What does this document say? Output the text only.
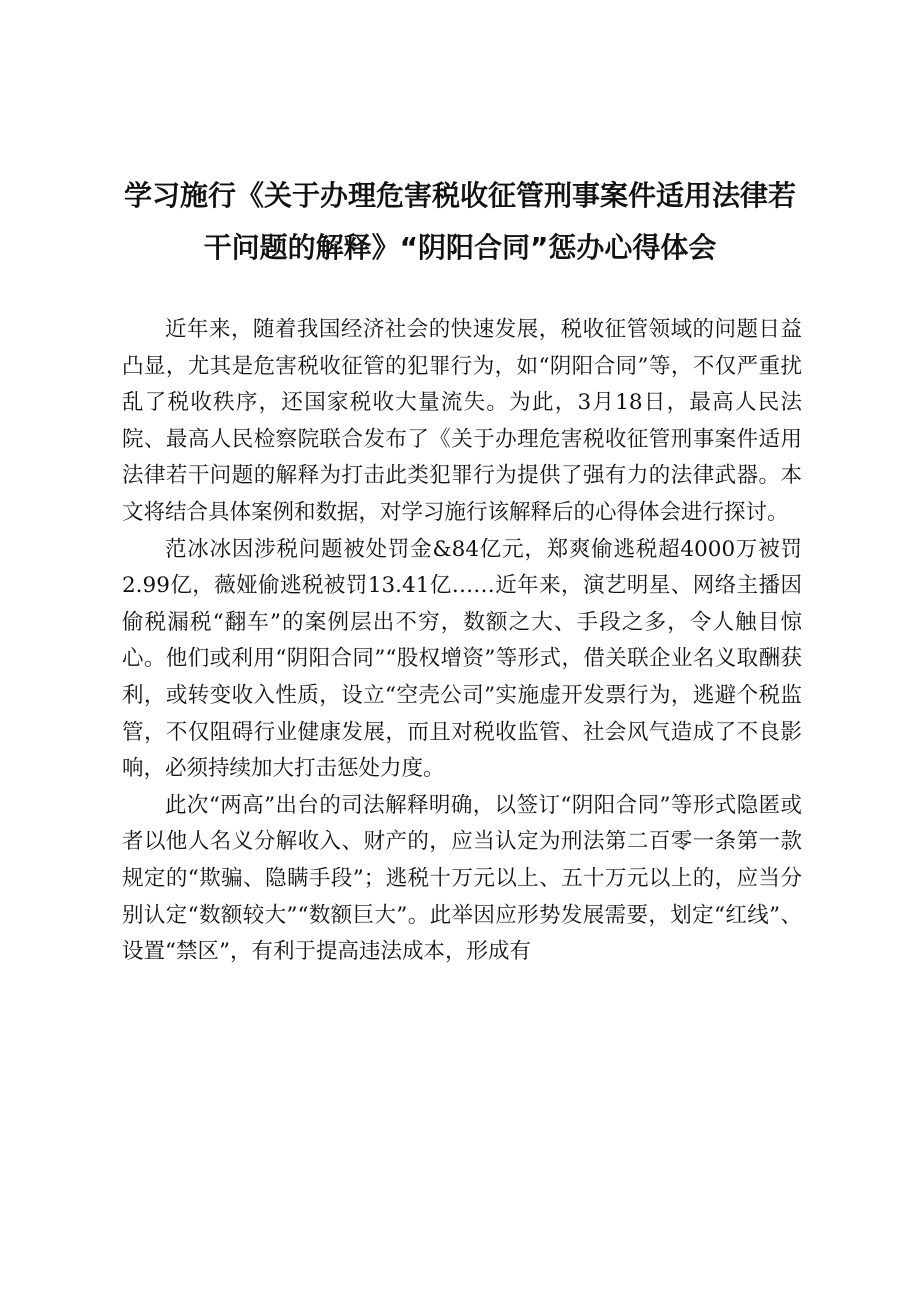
学习施行《关于办理危害税收征管刑事案件适用法律若
干问题的解释》“阴阳合同”惩办心得体会

近年来，随着我国经济社会的快速发展，税收征管领域的问题日益凸显，尤其是危害税收征管的犯罪行为，如“阴阳合同”等，不仅严重扰乱了税收秩序，还国家税收大量流失。为此，3月18日，最高人民法院、最高人民检察院联合发布了《关于办理危害税收征管刑事案件适用法律若干问题的解释为打击此类犯罪行为提供了强有力的法律武器。本文将结合具体案例和数据，对学习施行该解释后的心得体会进行探讨。

范冰冰因涉税问题被处罚金&84亿元，郑爽偷逃税超4000万被罚2.99亿，薇娅偷逃税被罚13.41亿……近年来，演艺明星、网络主播因偷税漏税“翻车”的案例层出不穷，数额之大、手段之多，令人触目惊心。他们或利用“阴阳合同”“股权增资”等形式，借关联企业名义取酬获利，或转变收入性质，设立“空壳公司”实施虚开发票行为，逃避个税监管，不仅阻碍行业健康发展，而且对税收监管、社会风气造成了不良影响，必须持续加大打击惩处力度。

此次“两高”出台的司法解释明确，以签订“阴阳合同”等形式隐匿或者以他人名义分解收入、财产的，应当认定为刑法第二百零一条第一款规定的“欺骗、隐瞒手段”；逃税十万元以上、五十万元以上的，应当分别认定“数额较大”“数额巨大”。此举因应形势发展需要，划定“红线”、设置“禁区”，有利于提高违法成本，形成有
